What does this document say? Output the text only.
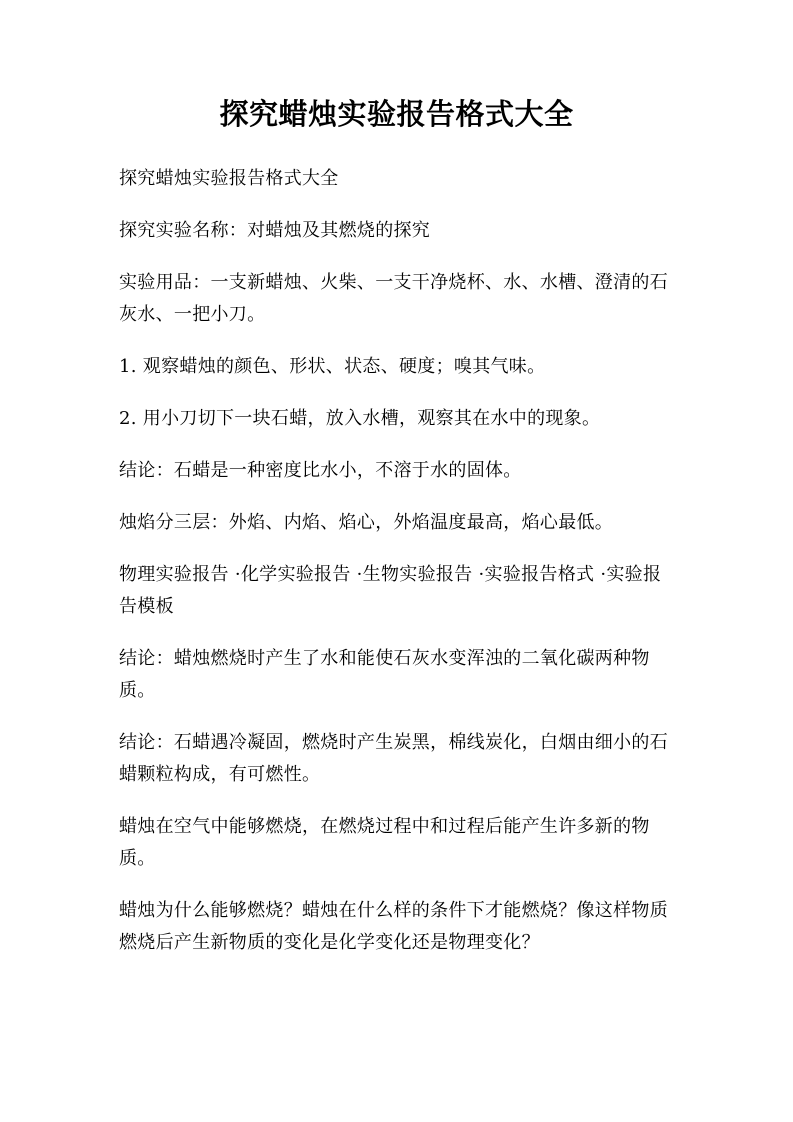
探究蜡烛实验报告格式大全

探究蜡烛实验报告格式大全

探究实验名称：对蜡烛及其燃烧的探究

实验用品：一支新蜡烛、火柴、一支干净烧杯、水、水槽、澄清的石灰水、一把小刀。

1. 观察蜡烛的颜色、形状、状态、硬度；嗅其气味。

2. 用小刀切下一块石蜡，放入水槽，观察其在水中的现象。

结论：石蜡是一种密度比水小，不溶于水的固体。

烛焰分三层：外焰、内焰、焰心，外焰温度最高，焰心最低。

物理实验报告 ·化学实验报告 ·生物实验报告 ·实验报告格式 ·实验报告模板

结论：蜡烛燃烧时产生了水和能使石灰水变浑浊的二氧化碳两种物质。

结论：石蜡遇冷凝固，燃烧时产生炭黑，棉线炭化，白烟由细小的石蜡颗粒构成，有可燃性。

蜡烛在空气中能够燃烧，在燃烧过程中和过程后能产生许多新的物质。

蜡烛为什么能够燃烧？蜡烛在什么样的条件下才能燃烧？像这样物质燃烧后产生新物质的变化是化学变化还是物理变化？
